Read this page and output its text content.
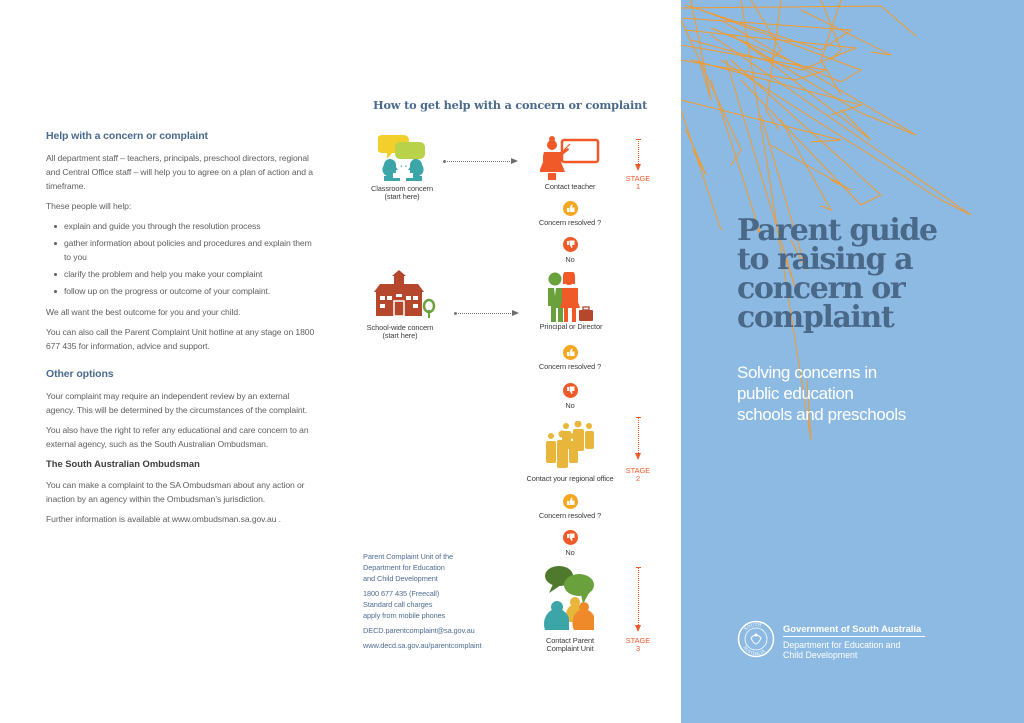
Help with a concern or complaint

All department staff – teachers, principals, preschool directors, regional and Central Office staff – will help you to agree on a plan of action and a timeframe.

These people will help:

explain and guide you through the resolution process
gather information about policies and procedures and explain them to you
clarify the problem and help you make your complaint
follow up on the progress or outcome of your complaint.

We all want the best outcome for you and your child.

You can also call the Parent Complaint Unit hotline at any stage on 1800 677 435 for information, advice and support.

Other options

Your complaint may require an independent review by an external agency. This will be determined by the circumstances of the complaint.

You also have the right to refer any educational and care concern to an external agency, such as the South Australian Ombudsman.

The South Australian Ombudsman

You can make a complaint to the SA Ombudsman about any action or inaction by an agency within the Ombudsman’s jurisdiction.

Further information is available at www.ombudsman.sa.gov.au .

How to get help with a concern or complaint
• •
Classroom concern
(start here)
Contact teacher
STAGE
1
Concern resolved ?
No
School-wide concern
(start here)
Principal or Director
Concern resolved ?
No
Contact your regional office
STAGE
2
Concern resolved ?
No
Contact Parent
Complaint Unit
STAGE
3

Parent Complaint Unit of the
Department for Education
and Child Development

1800 677 435 (Freecall)
Standard call charges
apply from mobile phones

DECD.parentcomplaint@sa.gov.au

www.decd.sa.gov.au/parentcomplaint

Parent guide
to raising a
concern or
complaint
Solving concerns in
public education
schools and preschools
SOUTH
AUSTRALIA
Government of South Australia
Department for Education and
Child Development
